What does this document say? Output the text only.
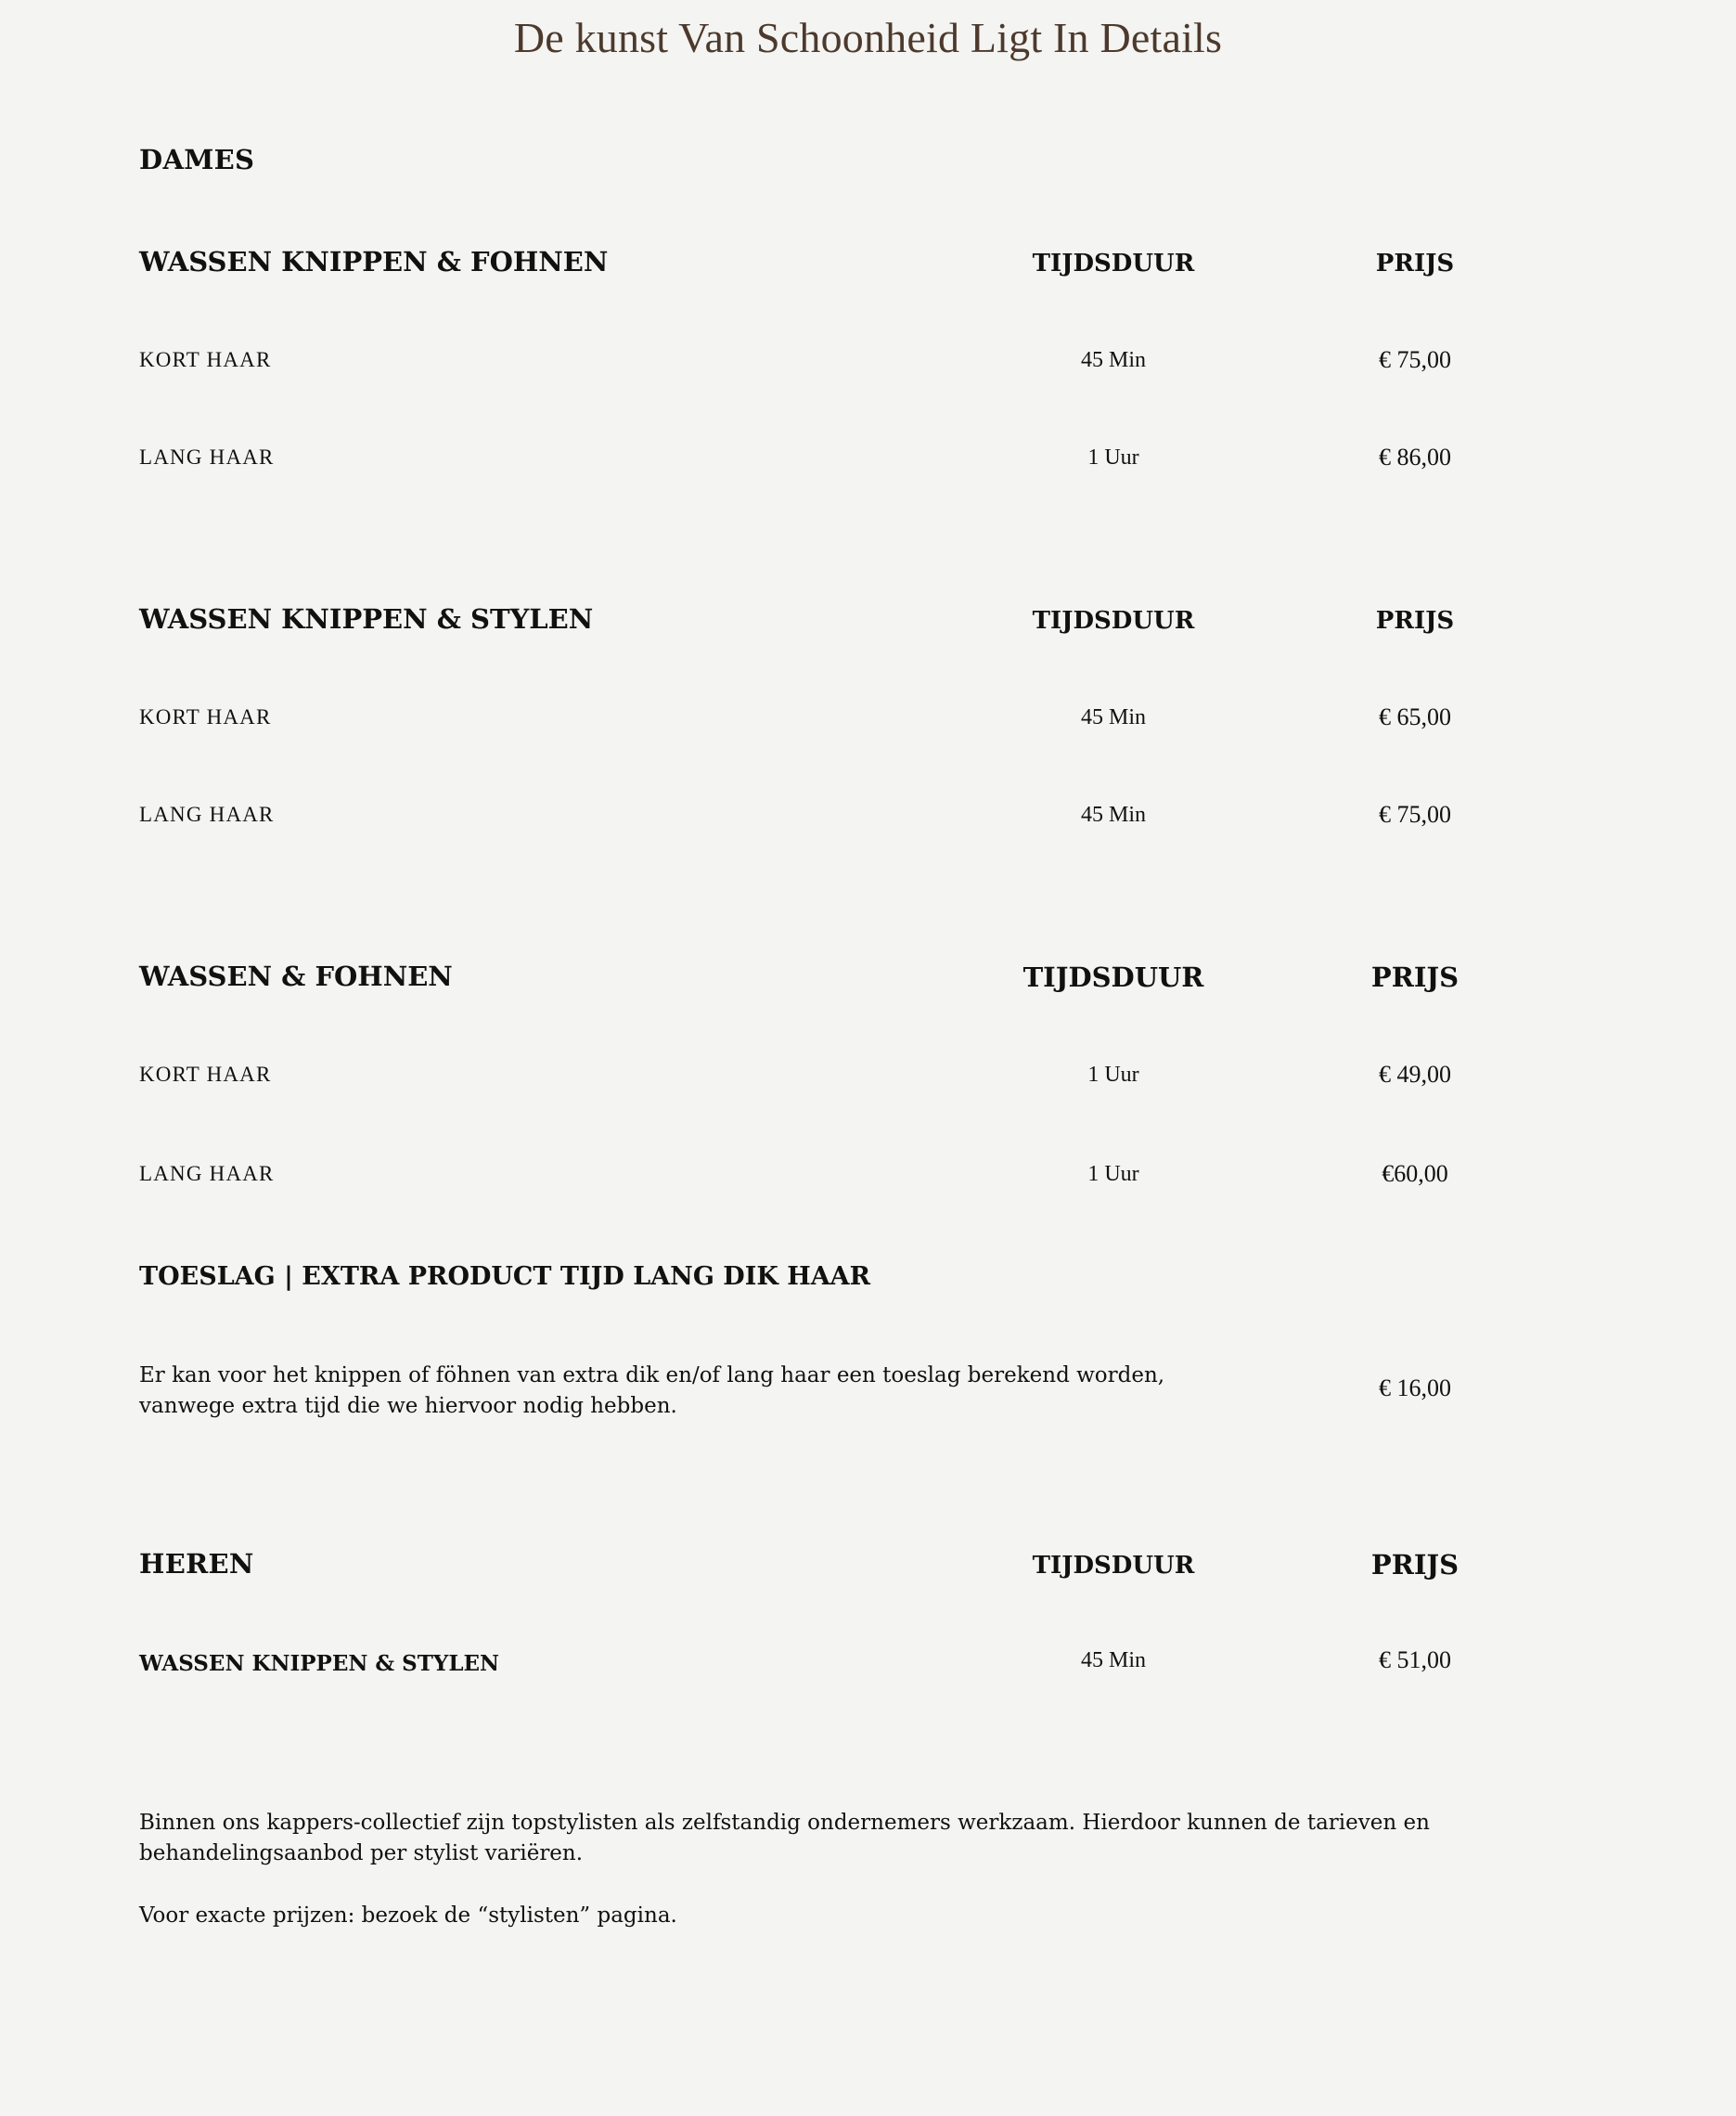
De kunst Van Schoonheid Ligt In Details
DAMES
WASSEN KNIPPEN & FOHNEN	TIJDSDUUR	PRIJS
KORT HAAR	45 Min	€ 75,00
LANG HAAR	1 Uur	€ 86,00
WASSEN KNIPPEN & STYLEN	TIJDSDUUR	PRIJS
KORT HAAR	45 Min	€ 65,00
LANG HAAR	45 Min	€ 75,00
WASSEN & FOHNEN	TIJDSDUUR	PRIJS
KORT HAAR	1 Uur	€ 49,00
LANG HAAR	1 Uur	€60,00
TOESLAG | EXTRA PRODUCT TIJD LANG DIK HAAR

Er kan voor het knippen of föhnen van extra dik en/of lang haar een toeslag berekend worden, vanwege extra tijd die we hiervoor nodig hebben.

€ 16,00
HEREN	TIJDSDUUR	PRIJS
WASSEN KNIPPEN & STYLEN	45 Min	€ 51,00

Binnen ons kappers-collectief zijn topstylisten als zelfstandig ondernemers werkzaam. Hierdoor kunnen de tarieven en behandelingsaanbod per stylist variëren.

Voor exacte prijzen: bezoek de “stylisten” pagina.
